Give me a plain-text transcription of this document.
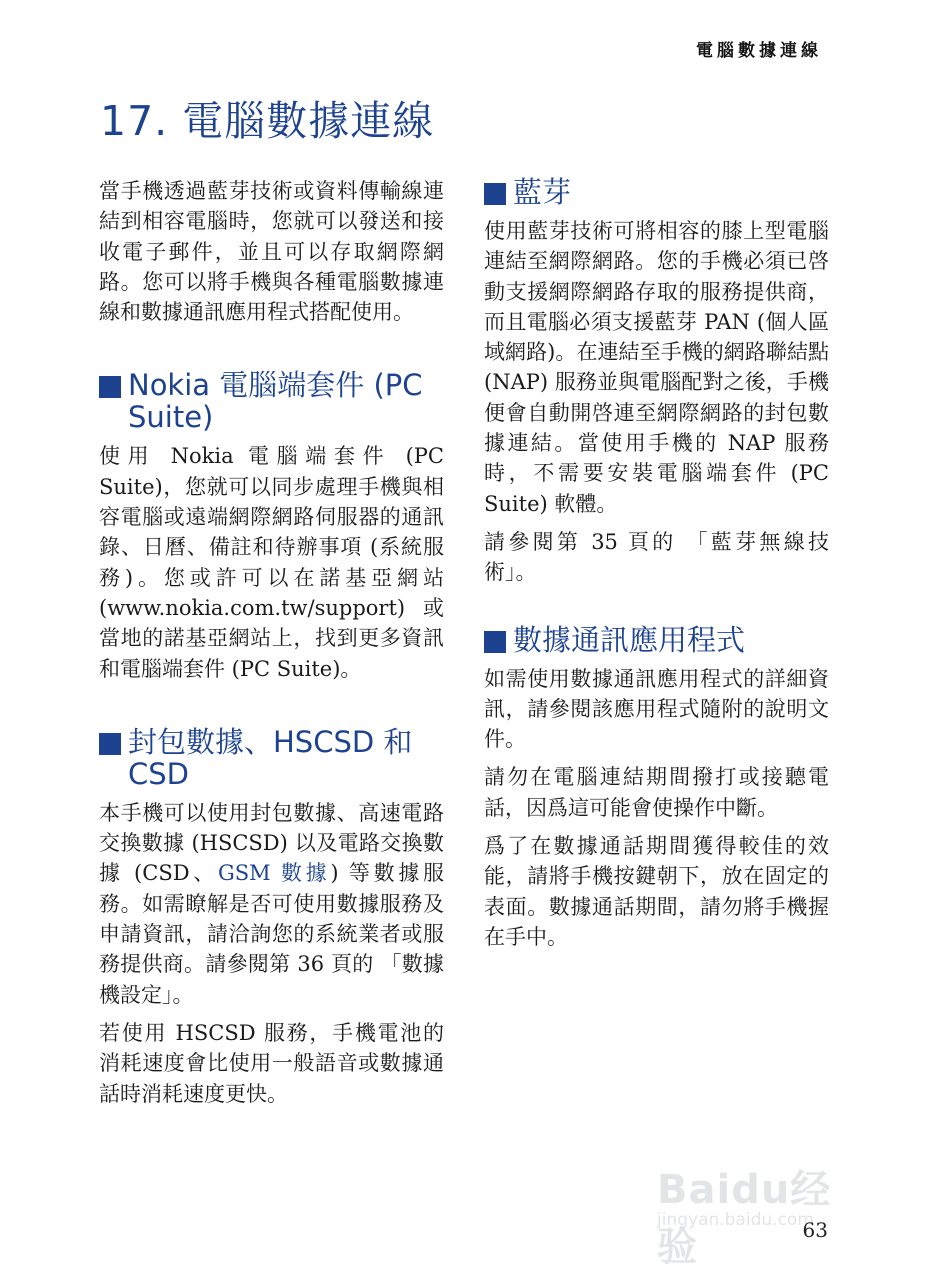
電腦數據連線
17. 電腦數據連線

當手機透過藍芽技術或資料傳輸線連結到相容電腦時，您就可以發送和接收電子郵件，並且可以存取網際網路。您可以將手機與各種電腦數據連線和數據通訊應用程式搭配使用。

Nokia 電腦端套件 (PC Suite)

使用 Nokia 電腦端套件 (PC Suite)，您就可以同步處理手機與相容電腦或遠端網際網路伺服器的通訊錄、日曆、備註和待辦事項 (系統服務)。您或許可以在諾基亞網站 (www.nokia.com.tw/support) 或當地的諾基亞網站上，找到更多資訊和電腦端套件 (PC Suite)。

封包數據、HSCSD 和 CSD

本手機可以使用封包數據、高速電路交換數據 (HSCSD) 以及電路交換數據 (CSD、GSM 數據) 等數據服務。如需瞭解是否可使用數據服務及申請資訊，請洽詢您的系統業者或服務提供商。請參閱第 36 頁的 「數據機設定」。

若使用 HSCSD 服務，手機電池的消耗速度會比使用一般語音或數據通話時消耗速度更快。

藍芽

使用藍芽技術可將相容的膝上型電腦連結至網際網路。您的手機必須已啓動支援網際網路存取的服務提供商，而且電腦必須支援藍芽 PAN (個人區域網路)。在連結至手機的網路聯結點 (NAP) 服務並與電腦配對之後，手機便會自動開啓連至網際網路的封包數據連結。當使用手機的 NAP 服務時，不需要安裝電腦端套件 (PC Suite) 軟體。

請參閱第 35 頁的 「藍芽無線技術」。

數據通訊應用程式

如需使用數據通訊應用程式的詳細資訊，請參閱該應用程式隨附的說明文件。

請勿在電腦連結期間撥打或接聽電話，因爲這可能會使操作中斷。

爲了在數據通話期間獲得較佳的效能，請將手機按鍵朝下，放在固定的表面。數據通話期間，請勿將手機握在手中。

Baidu经验
jingyan.baidu.com
63
